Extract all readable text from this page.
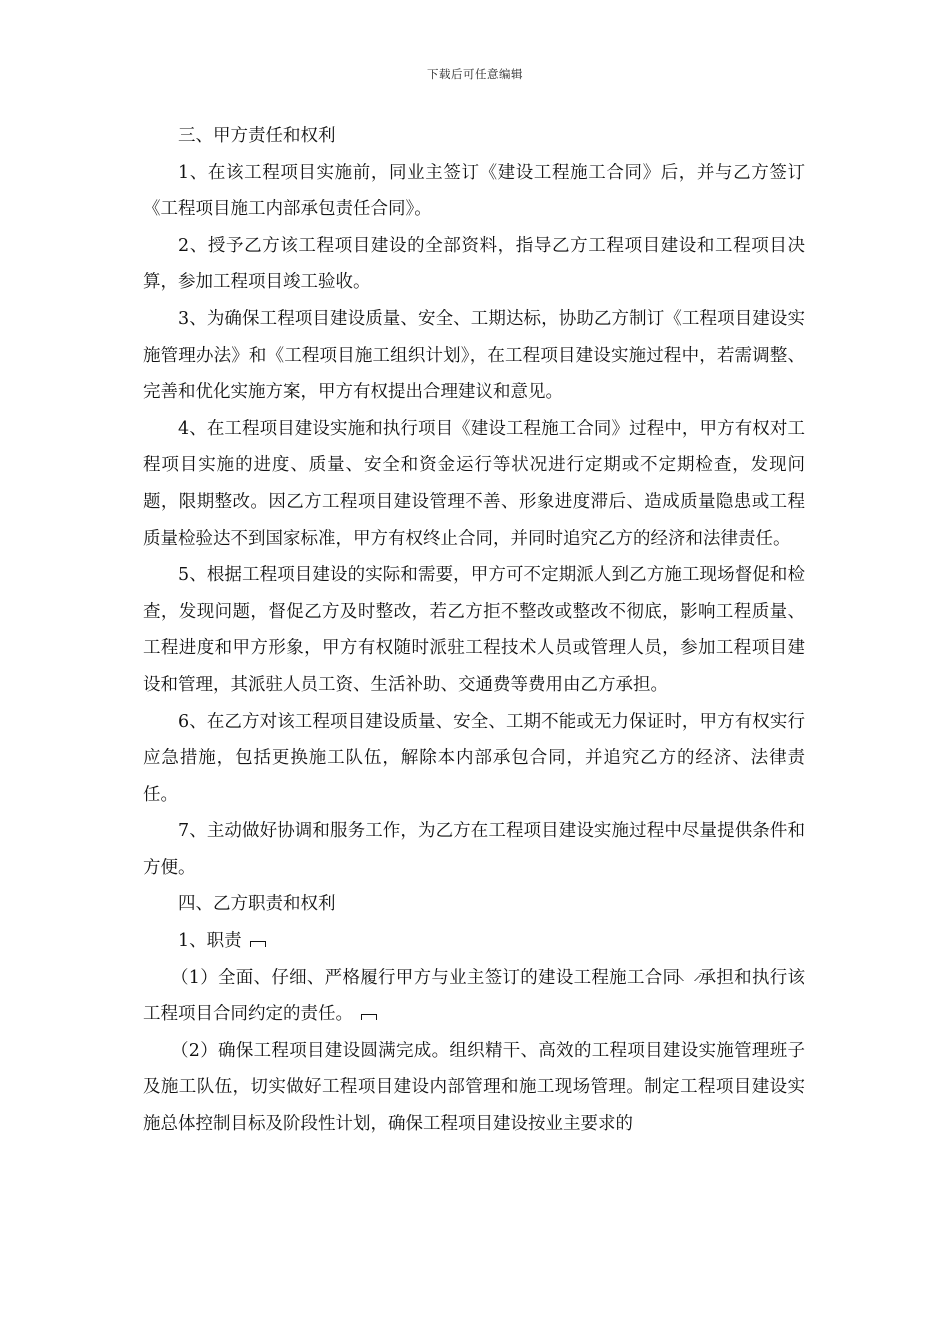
下载后可任意编辑

三、甲方责任和权利

1、在该工程项目实施前，同业主签订《建设工程施工合同》后，并与乙方签订《工程项目施工内部承包责任合同》。

2、授予乙方该工程项目建设的全部资料，指导乙方工程项目建设和工程项目决算，参加工程项目竣工验收。

3、为确保工程项目建设质量、安全、工期达标，协助乙方制订《工程项目建设实施管理办法》和《工程项目施工组织计划》，在工程项目建设实施过程中，若需调整、完善和优化实施方案，甲方有权提出合理建议和意见。

4、在工程项目建设实施和执行项目《建设工程施工合同》过程中，甲方有权对工程项目实施的进度、质量、安全和资金运行等状况进行定期或不定期检查，发现问题，限期整改。因乙方工程项目建设管理不善、形象进度滞后、造成质量隐患或工程质量检验达不到国家标准，甲方有权终止合同，并同时追究乙方的经济和法律责任。

5、根据工程项目建设的实际和需要，甲方可不定期派人到乙方施工现场督促和检查，发现问题，督促乙方及时整改，若乙方拒不整改或整改不彻底，影响工程质量、工程进度和甲方形象，甲方有权随时派驻工程技术人员或管理人员，参加工程项目建设和管理，其派驻人员工资、生活补助、交通费等费用由乙方承担。

6、在乙方对该工程项目建设质量、安全、工期不能或无力保证时，甲方有权实行应急措施，包括更换施工队伍，解除本内部承包合同，并追究乙方的经济、法律责任。

7、主动做好协调和服务工作，为乙方在工程项目建设实施过程中尽量提供条件和方便。

四、乙方职责和权利

1、职责

（1）全面、仔细、严格履行甲方与业主签订的建设工程施工合同 承担和执行该工程项目合同约定的责任。

（2）确保工程项目建设圆满完成。组织精干、高效的工程项目建设实施管理班子及施工队伍，切实做好工程项目建设内部管理和施工现场管理。制定工程项目建设实施总体控制目标及阶段性计划，确保工程项目建设按业主要求的
